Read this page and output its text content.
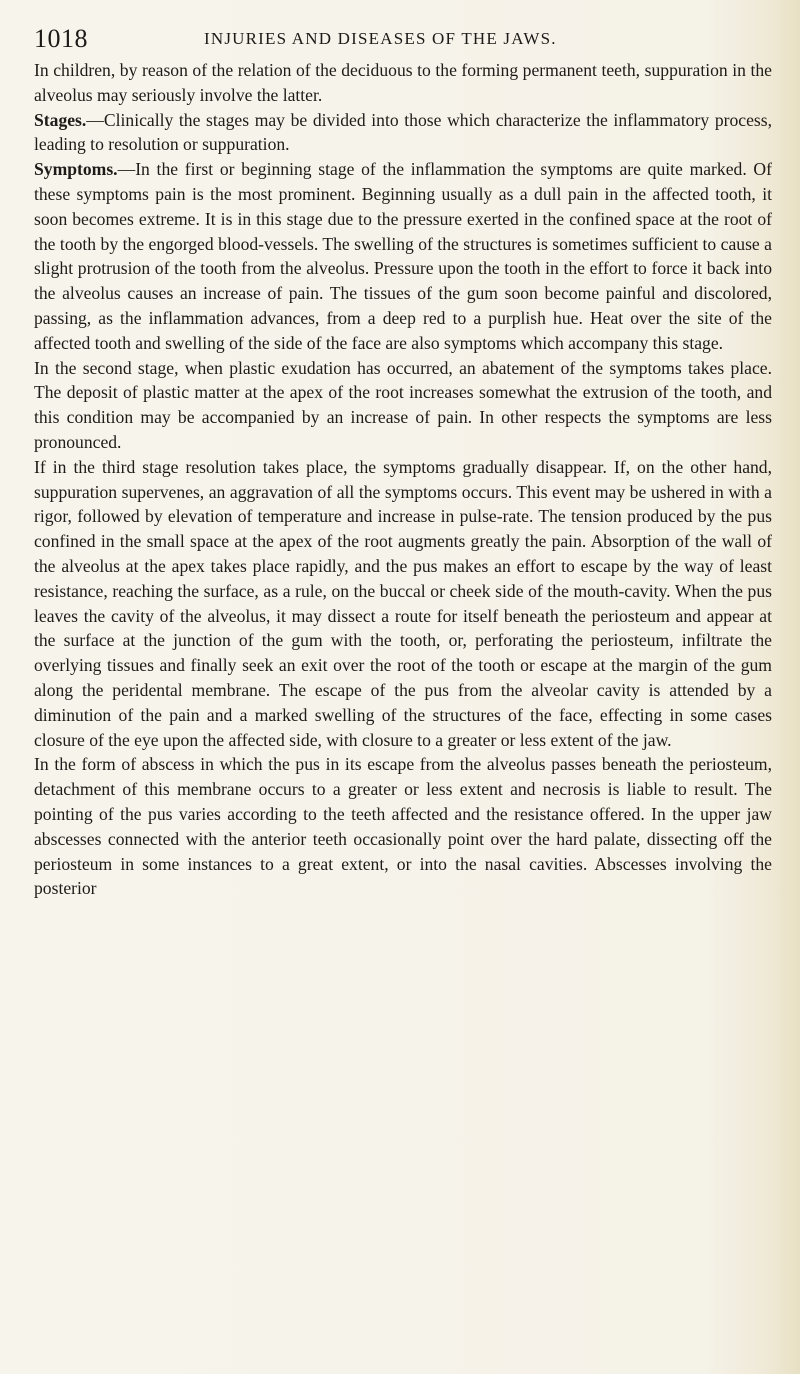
1018	INJURIES AND DISEASES OF THE JAWS.

In children, by reason of the relation of the deciduous to the forming permanent teeth, suppuration in the alveolus may seriously involve the latter.

Stages.—Clinically the stages may be divided into those which characterize the inflammatory process, leading to resolution or suppuration.

Symptoms.—In the first or beginning stage of the inflammation the symptoms are quite marked. Of these symptoms pain is the most prominent. Beginning usually as a dull pain in the affected tooth, it soon becomes extreme. It is in this stage due to the pressure exerted in the confined space at the root of the tooth by the engorged blood-vessels. The swelling of the structures is sometimes sufficient to cause a slight protrusion of the tooth from the alveolus. Pressure upon the tooth in the effort to force it back into the alveolus causes an increase of pain. The tissues of the gum soon become painful and discolored, passing, as the inflammation advances, from a deep red to a purplish hue. Heat over the site of the affected tooth and swelling of the side of the face are also symptoms which accompany this stage.

In the second stage, when plastic exudation has occurred, an abatement of the symptoms takes place. The deposit of plastic matter at the apex of the root increases somewhat the extrusion of the tooth, and this condition may be accompanied by an increase of pain. In other respects the symptoms are less pronounced.

If in the third stage resolution takes place, the symptoms gradually disappear. If, on the other hand, suppuration supervenes, an aggravation of all the symptoms occurs. This event may be ushered in with a rigor, followed by elevation of temperature and increase in pulse-rate. The tension produced by the pus confined in the small space at the apex of the root augments greatly the pain. Absorption of the wall of the alveolus at the apex takes place rapidly, and the pus makes an effort to escape by the way of least resistance, reaching the surface, as a rule, on the buccal or cheek side of the mouth-cavity. When the pus leaves the cavity of the alveolus, it may dissect a route for itself beneath the periosteum and appear at the surface at the junction of the gum with the tooth, or, perforating the periosteum, infiltrate the overlying tissues and finally seek an exit over the root of the tooth or escape at the margin of the gum along the peridental membrane. The escape of the pus from the alveolar cavity is attended by a diminution of the pain and a marked swelling of the structures of the face, effecting in some cases closure of the eye upon the affected side, with closure to a greater or less extent of the jaw.

In the form of abscess in which the pus in its escape from the alveolus passes beneath the periosteum, detachment of this membrane occurs to a greater or less extent and necrosis is liable to result. The pointing of the pus varies according to the teeth affected and the resistance offered. In the upper jaw abscesses connected with the anterior teeth occasionally point over the hard palate, dissecting off the periosteum in some instances to a great extent, or into the nasal cavities. Abscesses involving the posterior
